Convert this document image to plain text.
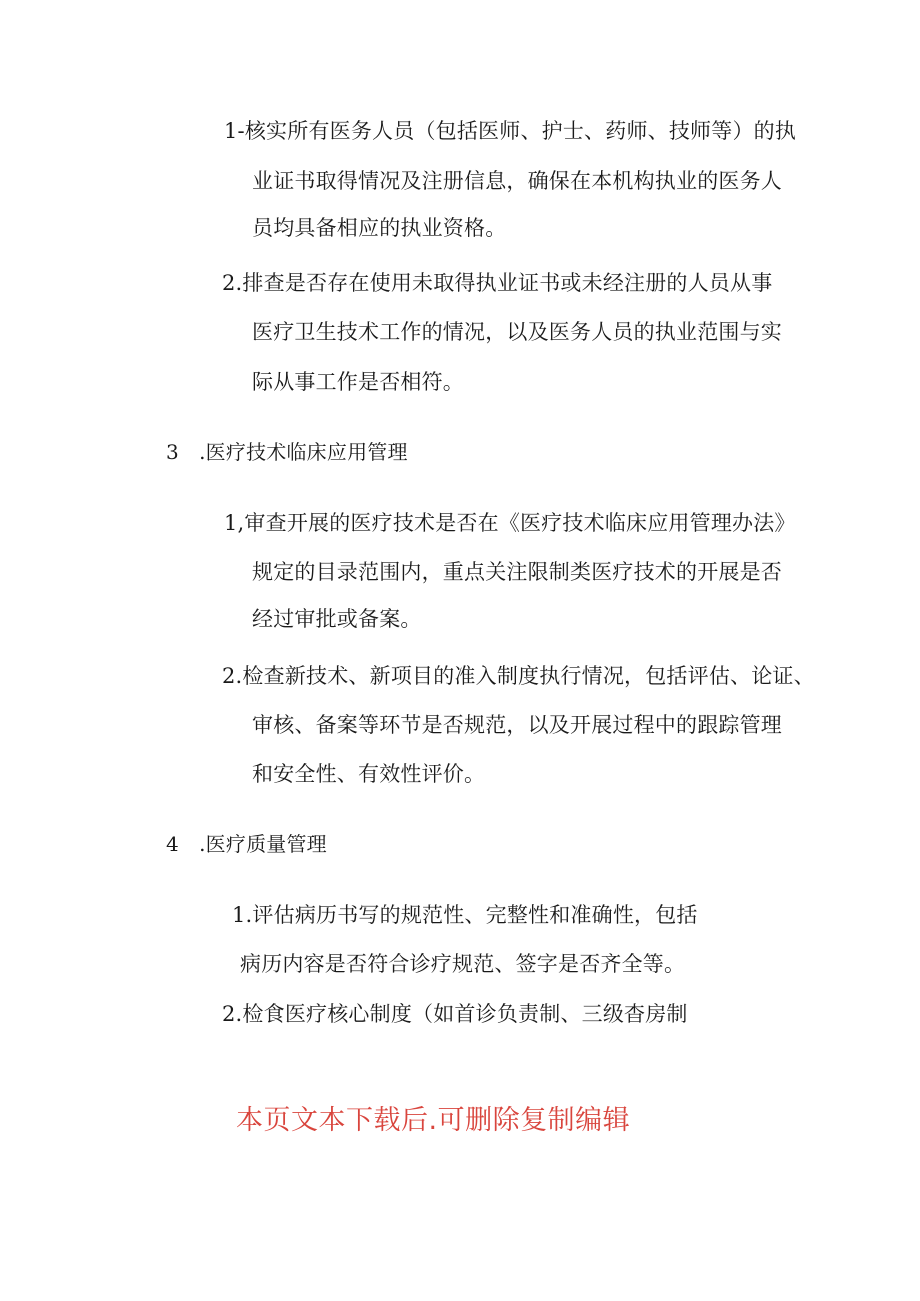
1-核实所有医务人员（包括医师、护士、药师、技师等）的执
业证书取得情况及注册信息，确保在本机构执业的医务人
员均具备相应的执业资格。
2.排查是否存在使用未取得执业证书或未经注册的人员从事
医疗卫生技术工作的情况，以及医务人员的执业范围与实
际从事工作是否相符。
3 .医疗技术临床应用管理
1,审查开展的医疗技术是否在《医疗技术临床应用管理办法》
规定的目录范围内，重点关注限制类医疗技术的开展是否
经过审批或备案。
2.检查新技术、新项目的准入制度执行情况，包括评估、论证、
审核、备案等环节是否规范，以及开展过程中的跟踪管理
和安全性、有效性评价。
4 .医疗质量管理
1.评估病历书写的规范性、完整性和准确性，包括
病历内容是否符合诊疗规范、签字是否齐全等。
2.检食医疗核心制度（如首诊负责制、三级杳房制
本页文本下载后.可删除复制编辑
